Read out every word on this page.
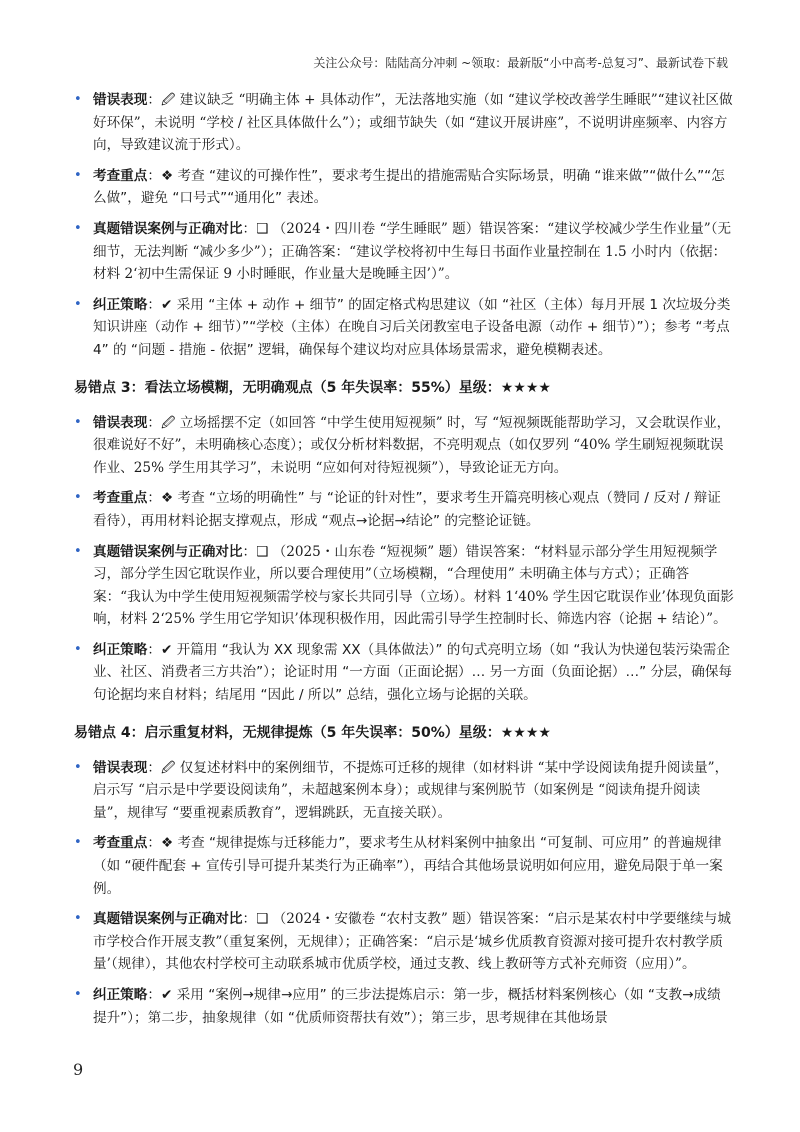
关注公众号：陆陆高分冲刺 ~领取：最新版“小中高考-总复习”、最新试卷下载
• 错误表现：🖉 建议缺乏 “明确主体 + 具体动作”，无法落地实施（如 “建议学校改善学生睡眠”“建议社区做好环保”，未说明 “学校 / 社区具体做什么”）；或细节缺失（如 “建议开展讲座”，不说明讲座频率、内容方向，导致建议流于形式）。
• 考查重点：❖ 考查 “建议的可操作性”，要求考生提出的措施需贴合实际场景，明确 “谁来做”“做什么”“怎么做”，避免 “口号式”“通用化” 表述。
• 真题错误案例与正确对比：❑ （2024・四川卷 “学生睡眠” 题）错误答案：“建议学校减少学生作业量”（无细节，无法判断 “减少多少”）；正确答案：“建议学校将初中生每日书面作业量控制在 1.5 小时内（依据：材料 2‘初中生需保证 9 小时睡眠，作业量大是晚睡主因’）”。
• 纠正策略：✔ 采用 “主体 + 动作 + 细节” 的固定格式构思建议（如 “社区（主体）每月开展 1 次垃圾分类知识讲座（动作 + 细节）”“学校（主体）在晚自习后关闭教室电子设备电源（动作 + 细节）”）；参考 “考点 4” 的 “问题 - 措施 - 依据” 逻辑，确保每个建议均对应具体场景需求，避免模糊表述。
易错点 3：看法立场模糊，无明确观点（5 年失误率：55%）星级：★★★★
• 错误表现：🖉 立场摇摆不定（如回答 “中学生使用短视频” 时，写 “短视频既能帮助学习，又会耽误作业，很难说好不好”，未明确核心态度）；或仅分析材料数据，不亮明观点（如仅罗列 “40% 学生刷短视频耽误作业、25% 学生用其学习”，未说明 “应如何对待短视频”），导致论证无方向。
• 考查重点：❖ 考查 “立场的明确性” 与 “论证的针对性”，要求考生开篇亮明核心观点（赞同 / 反对 / 辩证看待），再用材料论据支撑观点，形成 “观点→论据→结论” 的完整论证链。
• 真题错误案例与正确对比：❑ （2025・山东卷 “短视频” 题）错误答案：“材料显示部分学生用短视频学习，部分学生因它耽误作业，所以要合理使用”（立场模糊，“合理使用” 未明确主体与方式）；正确答案：“我认为中学生使用短视频需学校与家长共同引导（立场）。材料 1‘40% 学生因它耽误作业’体现负面影响，材料 2‘25% 学生用它学知识’体现积极作用，因此需引导学生控制时长、筛选内容（论据 + 结论）”。
• 纠正策略：✔ 开篇用 “我认为 XX 现象需 XX（具体做法）” 的句式亮明立场（如 “我认为快递包装污染需企业、社区、消费者三方共治”）；论证时用 “一方面（正面论据）… 另一方面（负面论据）…” 分层，确保每句论据均来自材料；结尾用 “因此 / 所以” 总结，强化立场与论据的关联。
易错点 4：启示重复材料，无规律提炼（5 年失误率：50%）星级：★★★★
• 错误表现：🖉 仅复述材料中的案例细节，不提炼可迁移的规律（如材料讲 “某中学设阅读角提升阅读量”，启示写 “启示是中学要设阅读角”，未超越案例本身）；或规律与案例脱节（如案例是 “阅读角提升阅读量”，规律写 “要重视素质教育”，逻辑跳跃，无直接关联）。
• 考查重点：❖ 考查 “规律提炼与迁移能力”，要求考生从材料案例中抽象出 “可复制、可应用” 的普遍规律（如 “硬件配套 + 宣传引导可提升某类行为正确率”），再结合其他场景说明如何应用，避免局限于单一案例。
• 真题错误案例与正确对比：❑ （2024・安徽卷 “农村支教” 题）错误答案：“启示是某农村中学要继续与城市学校合作开展支教”（重复案例，无规律）；正确答案：“启示是‘城乡优质教育资源对接可提升农村教学质量’（规律），其他农村学校可主动联系城市优质学校，通过支教、线上教研等方式补充师资（应用）”。
• 纠正策略：✔ 采用 “案例→规律→应用” 的三步法提炼启示：第一步，概括材料案例核心（如 “支教→成绩提升”）；第二步，抽象规律（如 “优质师资帮扶有效”）；第三步，思考规律在其他场景
9
